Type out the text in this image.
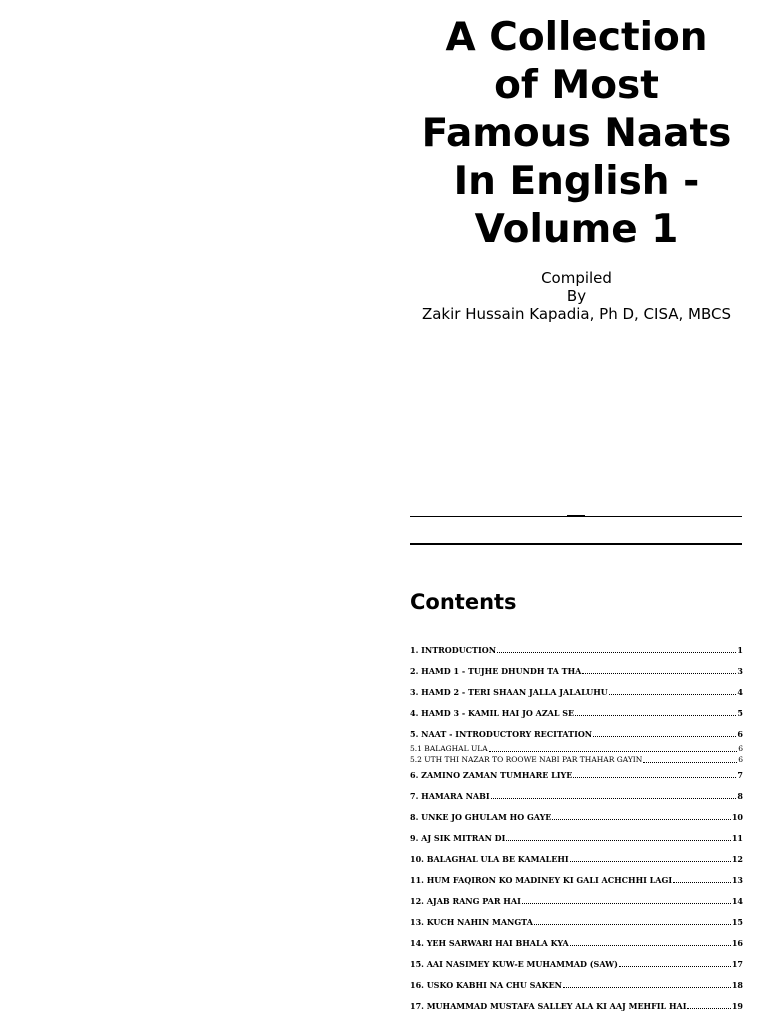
A Collection
of Most
Famous Naats
In English -
Volume 1
Compiled
By
Zakir Hussain Kapadia, Ph D, CISA, MBCS
Contents
1. INTRODUCTION	1
2. HAMD 1 - TUJHE DHUNDH TA THA	3
3. HAMD 2 - TERI SHAAN JALLA JALALUHU	4
4. HAMD 3 - KAMIL HAI JO AZAL SE	5
5. NAAT - INTRODUCTORY RECITATION	6
5.1 BALAGHAL ULA	6
5.2 UTH THI NAZAR TO ROOWE NABI PAR THAHAR GAYIN	6
6. ZAMINO ZAMAN TUMHARE LIYE	7
7. HAMARA NABI	8
8. UNKE JO GHULAM HO GAYE	10
9. AJ SIK MITRAN DI	11
10. BALAGHAL ULA BE KAMALEHI	12
11. HUM FAQIRON KO MADINEY KI GALI ACHCHHI LAGI	13
12. AJAB RANG PAR HAI	14
13. KUCH NAHIN MANGTA	15
14. YEH SARWARI HAI BHALA KYA	16
15. AAI NASIMEY KUW-E MUHAMMAD (SAW)	17
16. USKO KABHI NA CHU SAKEN	18
17. MUHAMMAD MUSTAFA SALLEY ALA KI AAJ MEHFIL HAI	19
